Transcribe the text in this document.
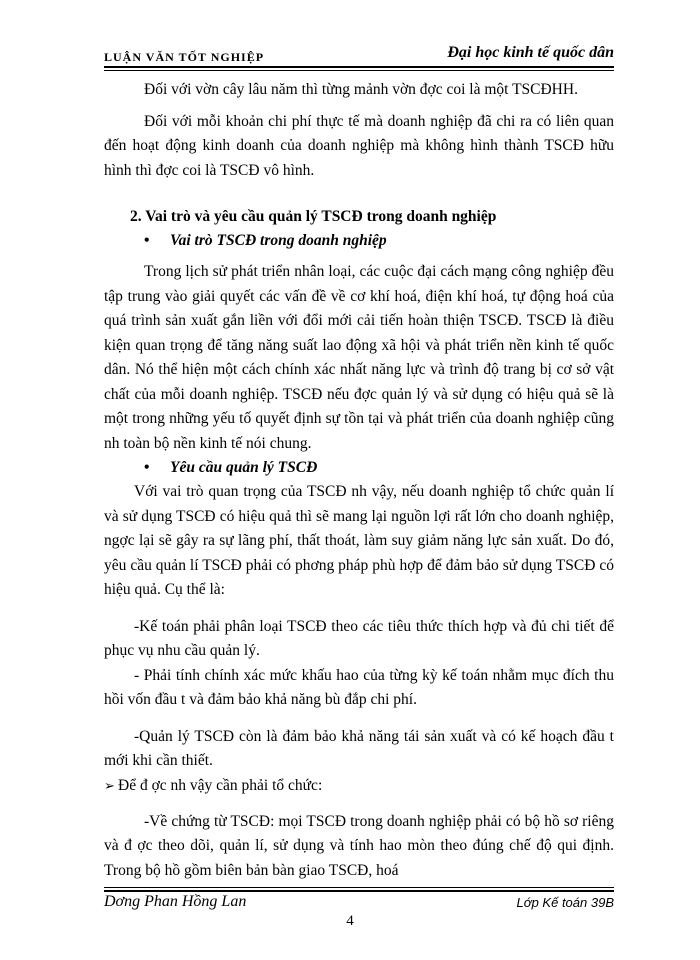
LUẬN VĂN TỐT NGHIỆP	Đại học kinh tế quốc dân

Đối với vờn cây lâu năm thì từng mảnh vờn đợc coi là một TSCĐHH.

Đối với mỗi khoản chi phí thực tế mà doanh nghiệp đã chi ra có liên quan đến hoạt động kinh doanh của doanh nghiệp mà không hình thành TSCĐ hữu hình thì đợc coi là TSCĐ vô hình.

2. Vai trò và yêu cầu quản lý TSCĐ trong doanh nghiệp

• Vai trò TSCĐ trong doanh nghiệp

Trong lịch sử phát triển nhân loại, các cuộc đại cách mạng công nghiệp đều tập trung vào giải quyết các vấn đề về cơ khí hoá, điện khí hoá, tự động hoá của quá trình sản xuất gắn liền với đổi mới cải tiến hoàn thiện TSCĐ. TSCĐ là điều kiện quan trọng để tăng năng suất lao động xã hội và phát triển nền kinh tế quốc dân. Nó thể hiện một cách chính xác nhất năng lực và trình độ trang bị cơ sở vật chất của mỗi doanh nghiệp. TSCĐ nếu đợc quản lý và sử dụng có hiệu quả sẽ là một trong những yếu tố quyết định sự tồn tại và phát triển của doanh nghiệp cũng nh toàn bộ nền kinh tế nói chung.

• Yêu cầu quản lý TSCĐ

Với vai trò quan trọng của TSCĐ nh vậy, nếu doanh nghiệp tổ chức quản lí và sử dụng TSCĐ có hiệu quả thì sẽ mang lại nguồn lợi rất lớn cho doanh nghiệp, ngợc lại sẽ gây ra sự lãng phí, thất thoát, làm suy giảm năng lực sản xuất. Do đó, yêu cầu quản lí TSCĐ phải có phơng pháp phù hợp để đảm bảo sử dụng TSCĐ có hiệu quả. Cụ thể là:

-Kế toán phải phân loại TSCĐ theo các tiêu thức thích hợp và đủ chi tiết để phục vụ nhu cầu quản lý.

- Phải tính chính xác mức khấu hao của từng kỳ kế toán nhằm mục đích thu hồi vốn đầu t và đảm bảo khả năng bù đắp chi phí.

-Quản lý TSCĐ còn là đảm bảo khả năng tái sản xuất và có kế hoạch đầu t mới khi cần thiết.

➢ Để đ ợc nh vậy cần phải tổ chức:

-Về chứng từ TSCĐ: mọi TSCĐ trong doanh nghiệp phải có bộ hồ sơ riêng và đ ợc theo dõi, quản lí, sử dụng và tính hao mòn theo đúng chế độ qui định. Trong bộ hồ gồm biên bản bàn giao TSCĐ, hoá

Dơng Phan Hồng Lan	Lớp Kế toán 39B
4
